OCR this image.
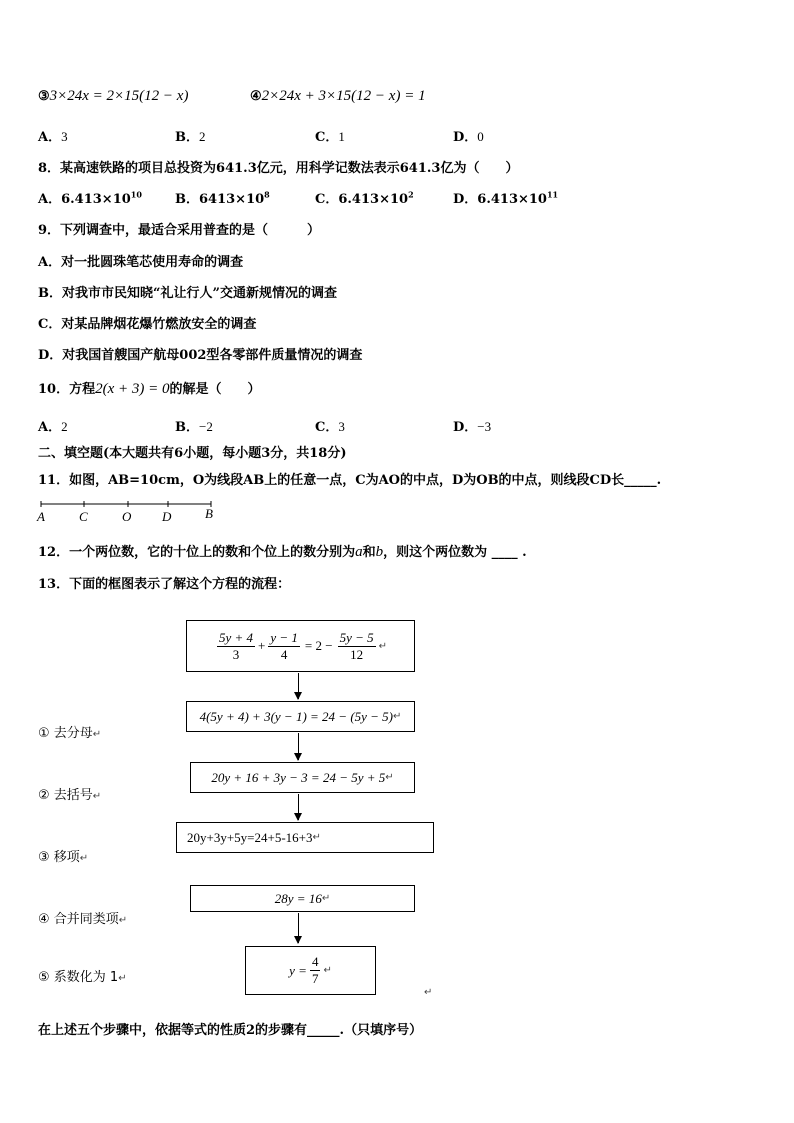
③3×24x = 2×15(12 − x)	④2×24x + 3×15(12 − x) = 1
A．3	B．2	C．1	D．0
8．某高速铁路的项目总投资为641.3亿元，用科学记数法表示641.3亿为（　　）
A．$6.413\times 10^{10}$	B．$6413\times 10^8$	C．$6.413\times 10^2$	D．$6.413\times 10^{11}$
9．下列调查中，最适合采用普查的是（　　　）
A．对一批圆珠笔芯使用寿命的调查
B．对我市市民知晓“礼让行人”交通新规情况的调查
C．对某品牌烟花爆竹燃放安全的调查
D．对我国首艘国产航母002型各零部件质量情况的调查
10．方程2(x + 3) = 0的解是（　　）
A．2	B．−2	C．3	D．−3
二、填空题(本大题共有6小题，每小题3分，共18分)
11．如图，AB=10cm，O为线段AB上的任意一点，C为AO的中点，D为OB的中点，则线段CD长_____.
A	C	O D	B
12．一个两位数，它的十位上的数和个位上的数分别为a和b，则这个两位数为 ____ .
13．下面的框图表示了解这个方程的流程：
$\frac{5y + 4}{3} + \frac{y - 1}{4} = 2 - \frac{5y - 5}{12}$ ↵
4(5y + 4) + 3(y − 1) = 24 − (5y − 5) ↵
20y + 16 + 3y − 3 = 24 − 5y + 5 ↵
20y+3y+5y=24+5-16+3 ↵
28y = 16 ↵
$y = \frac{4}{7}$ ↵
↵
① 去分母↵
② 去括号↵
③ 移项↵
④ 合并同类项↵
⑤ 系数化为 1↵
在上述五个步骤中，依据等式的性质2的步骤有_____.（只填序号）
